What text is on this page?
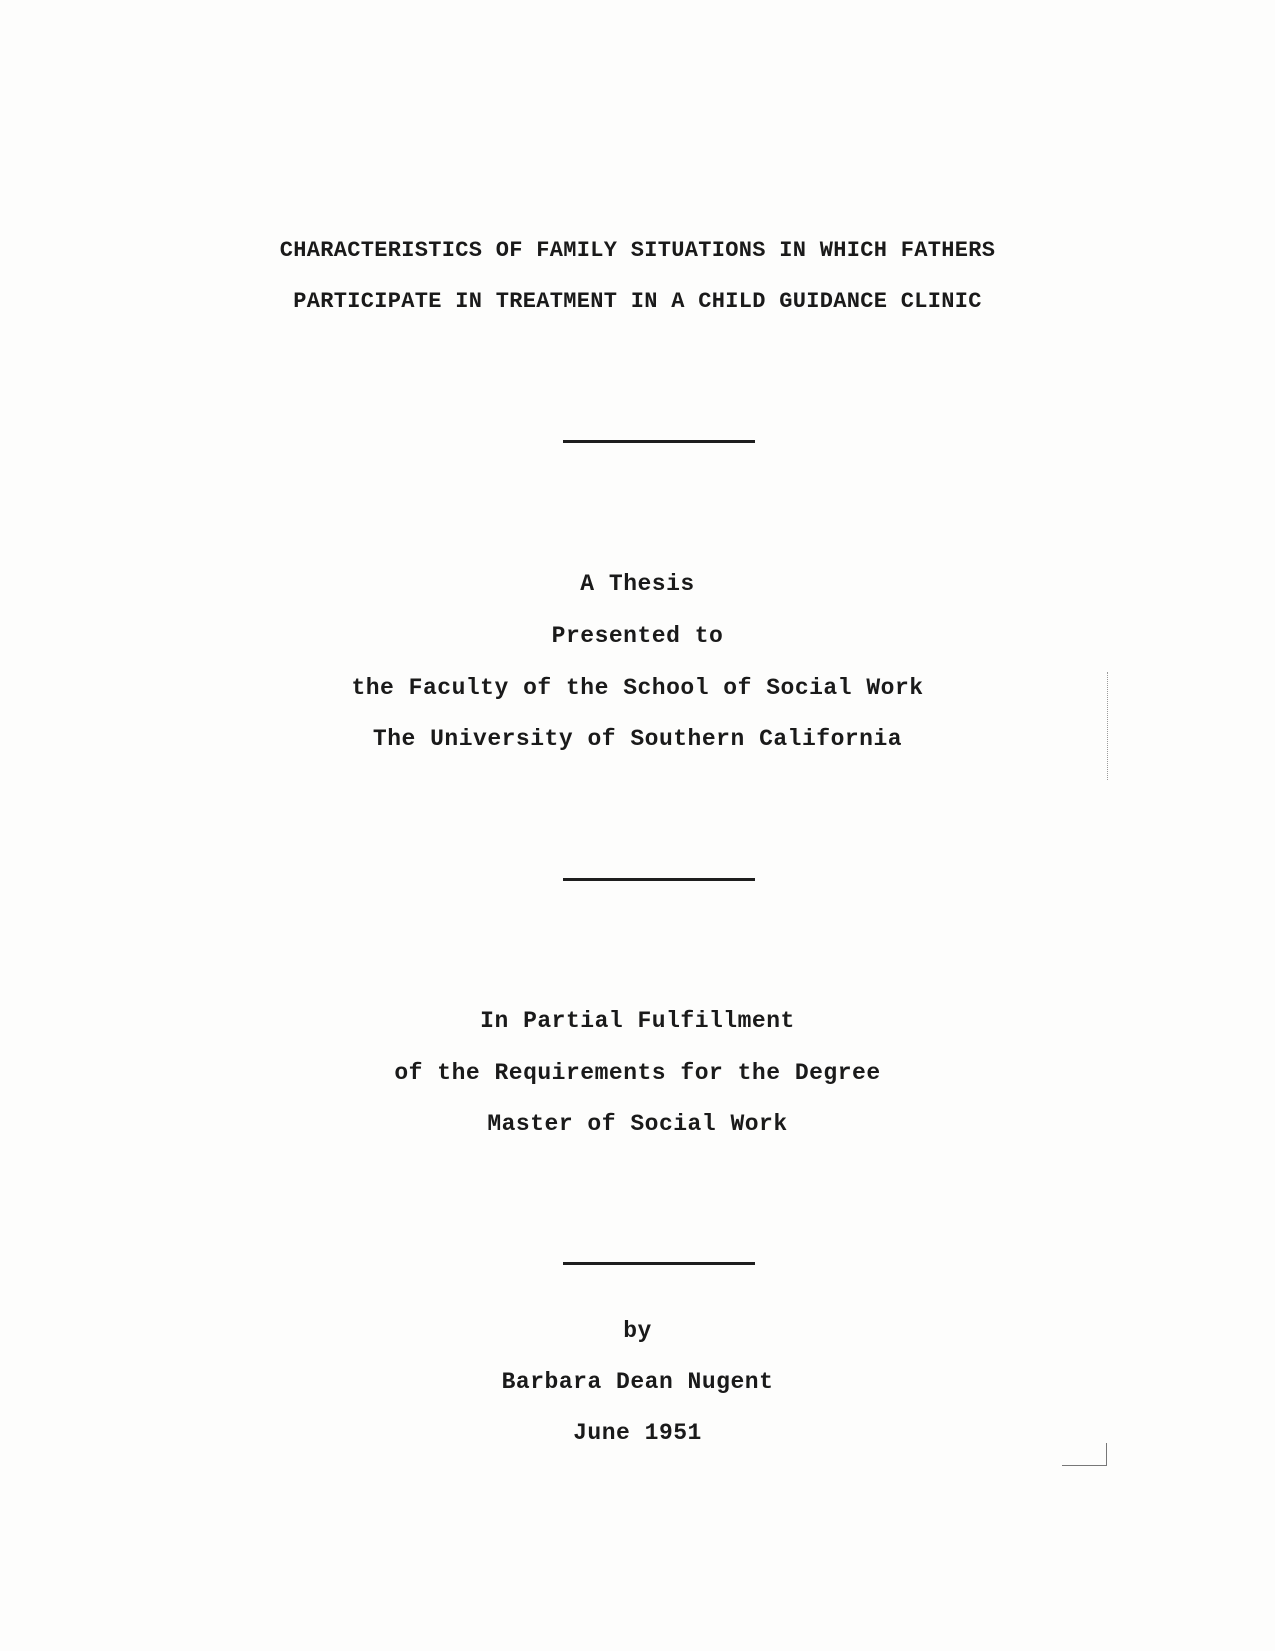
CHARACTERISTICS OF FAMILY SITUATIONS IN WHICH FATHERS
PARTICIPATE IN TREATMENT IN A CHILD GUIDANCE CLINIC
A Thesis
Presented to
the Faculty of the School of Social Work
The University of Southern California
In Partial Fulfillment
of the Requirements for the Degree
Master of Social Work
by
Barbara Dean Nugent
June 1951
